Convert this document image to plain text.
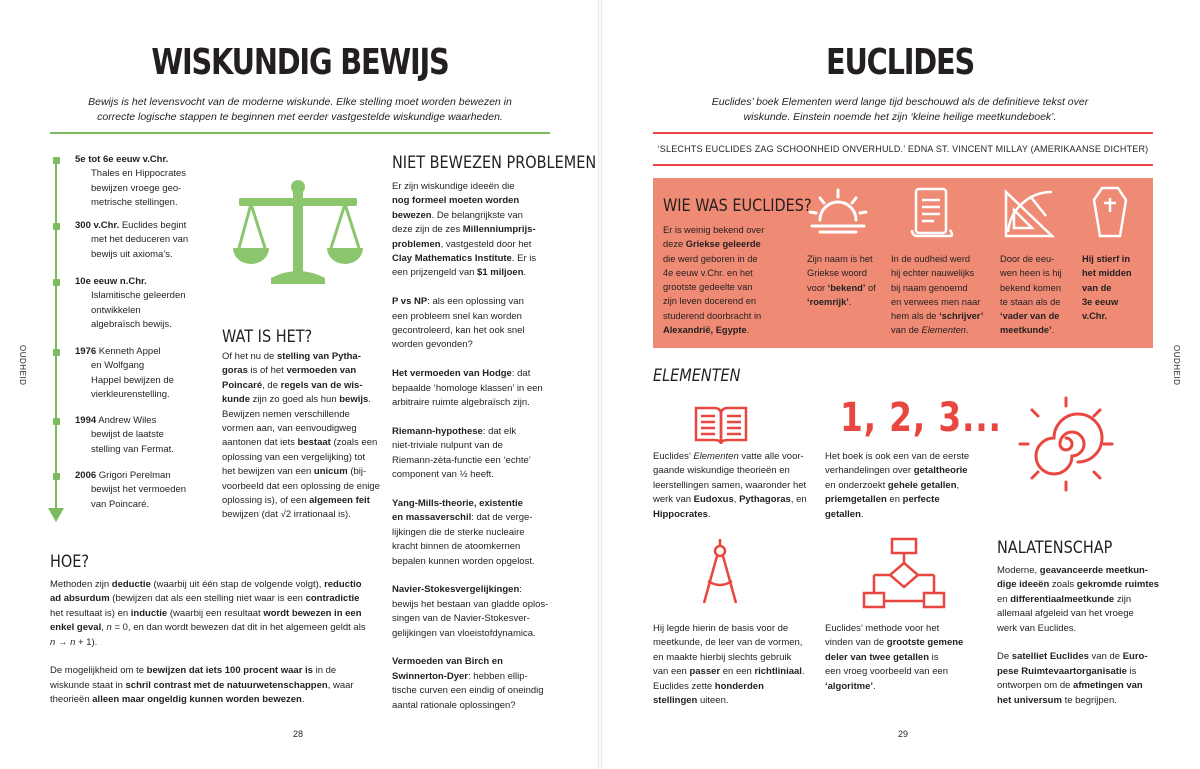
WISKUNDIG BEWIJS
Bewijs is het levensvocht van de moderne wiskunde. Elke stelling moet worden bewezen in
correcte logische stappen te beginnen met eerder vastgestelde wiskundige waarheden.
5e tot 6e eeuw v.Chr.
Thales en Hippocrates
bewijzen vroege geo-
metrische stellingen.
300 v.Chr. Euclides begint
met het deduceren van
bewijs uit axioma’s.
10e eeuw n.Chr.
Islamitische geleerden
ontwikkelen
algebraïsch bewijs.
1976 Kenneth Appel
en Wolfgang
Happel bewijzen de
vierkleurenstelling.
1994 Andrew Wiles
bewijst de laatste
stelling van Fermat.
2006 Grigori Perelman
bewijst het vermoeden
van Poincaré.
WAT IS HET?
Of het nu de stelling van Pytha-
goras is of het vermoeden van
Poincaré, de regels van de wis-
kunde zijn zo goed als hun bewijs.
Bewijzen nemen verschillende
vormen aan, van eenvoudigweg
aantonen dat iets bestaat (zoals een
oplossing van een vergelijking) tot
het bewijzen van een unicum (bij-
voorbeeld dat een oplossing de enige
oplossing is), of een algemeen feit
bewijzen (dat √2 irrationaal is).
NIET BEWEZEN PROBLEMEN
Er zijn wiskundige ideeën die
nog formeel moeten worden
bewezen. De belangrijkste van
deze zijn de zes Millenniumprijs-
problemen, vastgesteld door het
Clay Mathematics Institute. Er is
een prijzengeld van $1 miljoen.

P vs NP: als een oplossing van
een probleem snel kan worden
gecontroleerd, kan het ook snel
worden gevonden?

Het vermoeden van Hodge: dat
bepaalde ‘homologe klassen’ in een
arbitraire ruimte algebraïsch zijn.

Riemann-hypothese: dat elk
niet-triviale nulpunt van de
Riemann-zèta-functie een ‘echte’
component van ½ heeft.

Yang-Mills-theorie, existentie
en massaverschil: dat de verge-
lijkingen die de sterke nucleaire
kracht binnen de atoomkernen
bepalen kunnen worden opgelost.

Navier-Stokesvergelijkingen:
bewijs het bestaan van gladde oplos-
singen van de Navier-Stokesver-
gelijkingen van vloeistofdynamica.

Vermoeden van Birch en
Swinnerton-Dyer: hebben ellip-
tische curven een eindig of oneindig
aantal rationale oplossingen?
HOE?
Methoden zijn deductie (waarbij uit één stap de volgende volgt), reductio
ad absurdum (bewijzen dat als een stelling niet waar is een contradictie
het resultaat is) en inductie (waarbij een resultaat wordt bewezen in een
enkel geval, n = 0, en dan wordt bewezen dat dit in het algemeen geldt als
n → n + 1).

De mogelijkheid om te bewijzen dat iets 100 procent waar is in de
wiskunde staat in schril contrast met de natuurwetenschappen, waar
theorieën alleen maar ongeldig kunnen worden bewezen.
OUDHEID
28
EUCLIDES
Euclides’ boek Elementen werd lange tijd beschouwd als de definitieve tekst over
wiskunde. Einstein noemde het zijn ‘kleine heilige meetkundeboek’.
‘SLECHTS EUCLIDES ZAG SCHOONHEID ONVERHULD.’ EDNA ST. VINCENT MILLAY (AMERIKAANSE DICHTER)
WIE WAS EUCLIDES?
Er is weinig bekend over
deze Griekse geleerde
die werd geboren in de
4e eeuw v.Chr. en het
grootste gedeelte van
zijn leven docerend en
studerend doorbracht in
Alexandrië, Egypte.
Zijn naam is het
Griekse woord
voor ‘bekend’ of
‘roemrijk’.
In de oudheid werd
hij echter nauwelijks
bij naam genoemd
en verwees men naar
hem als de ‘schrijver’
van de Elementen.
Door de eeu-
wen heen is hij
bekend komen
te staan als de
‘vader van de
meetkunde’.
Hij stierf in
het midden
van de
3e eeuw
v.Chr.
ELEMENTEN
1, 2, 3...
Euclides’ Elementen vatte alle voor-
gaande wiskundige theorieën en
leerstellingen samen, waaronder het
werk van Eudoxus, Pythagoras, en
Hippocrates.
Het boek is ook een van de eerste
verhandelingen over getaltheorie
en onderzoekt gehele getallen,
priemgetallen en perfecte
getallen.
Hij legde hierin de basis voor de
meetkunde, de leer van de vormen,
en maakte hierbij slechts gebruik
van een passer en een richtliniaal.
Euclides zette honderden
stellingen uiteen.
Euclides’ methode voor het
vinden van de grootste gemene
deler van twee getallen is
een vroeg voorbeeld van een
‘algoritme’.
NALATENSCHAP
Moderne, geavanceerde meetkun-
dige ideeën zoals gekromde ruimtes
en differentiaalmeetkunde zijn
allemaal afgeleid van het vroege
werk van Euclides.

De satelliet Euclides van de Euro-
pese Ruimtevaartorganisatie is
ontworpen om de afmetingen van
het universum te begrijpen.
OUDHEID
29
